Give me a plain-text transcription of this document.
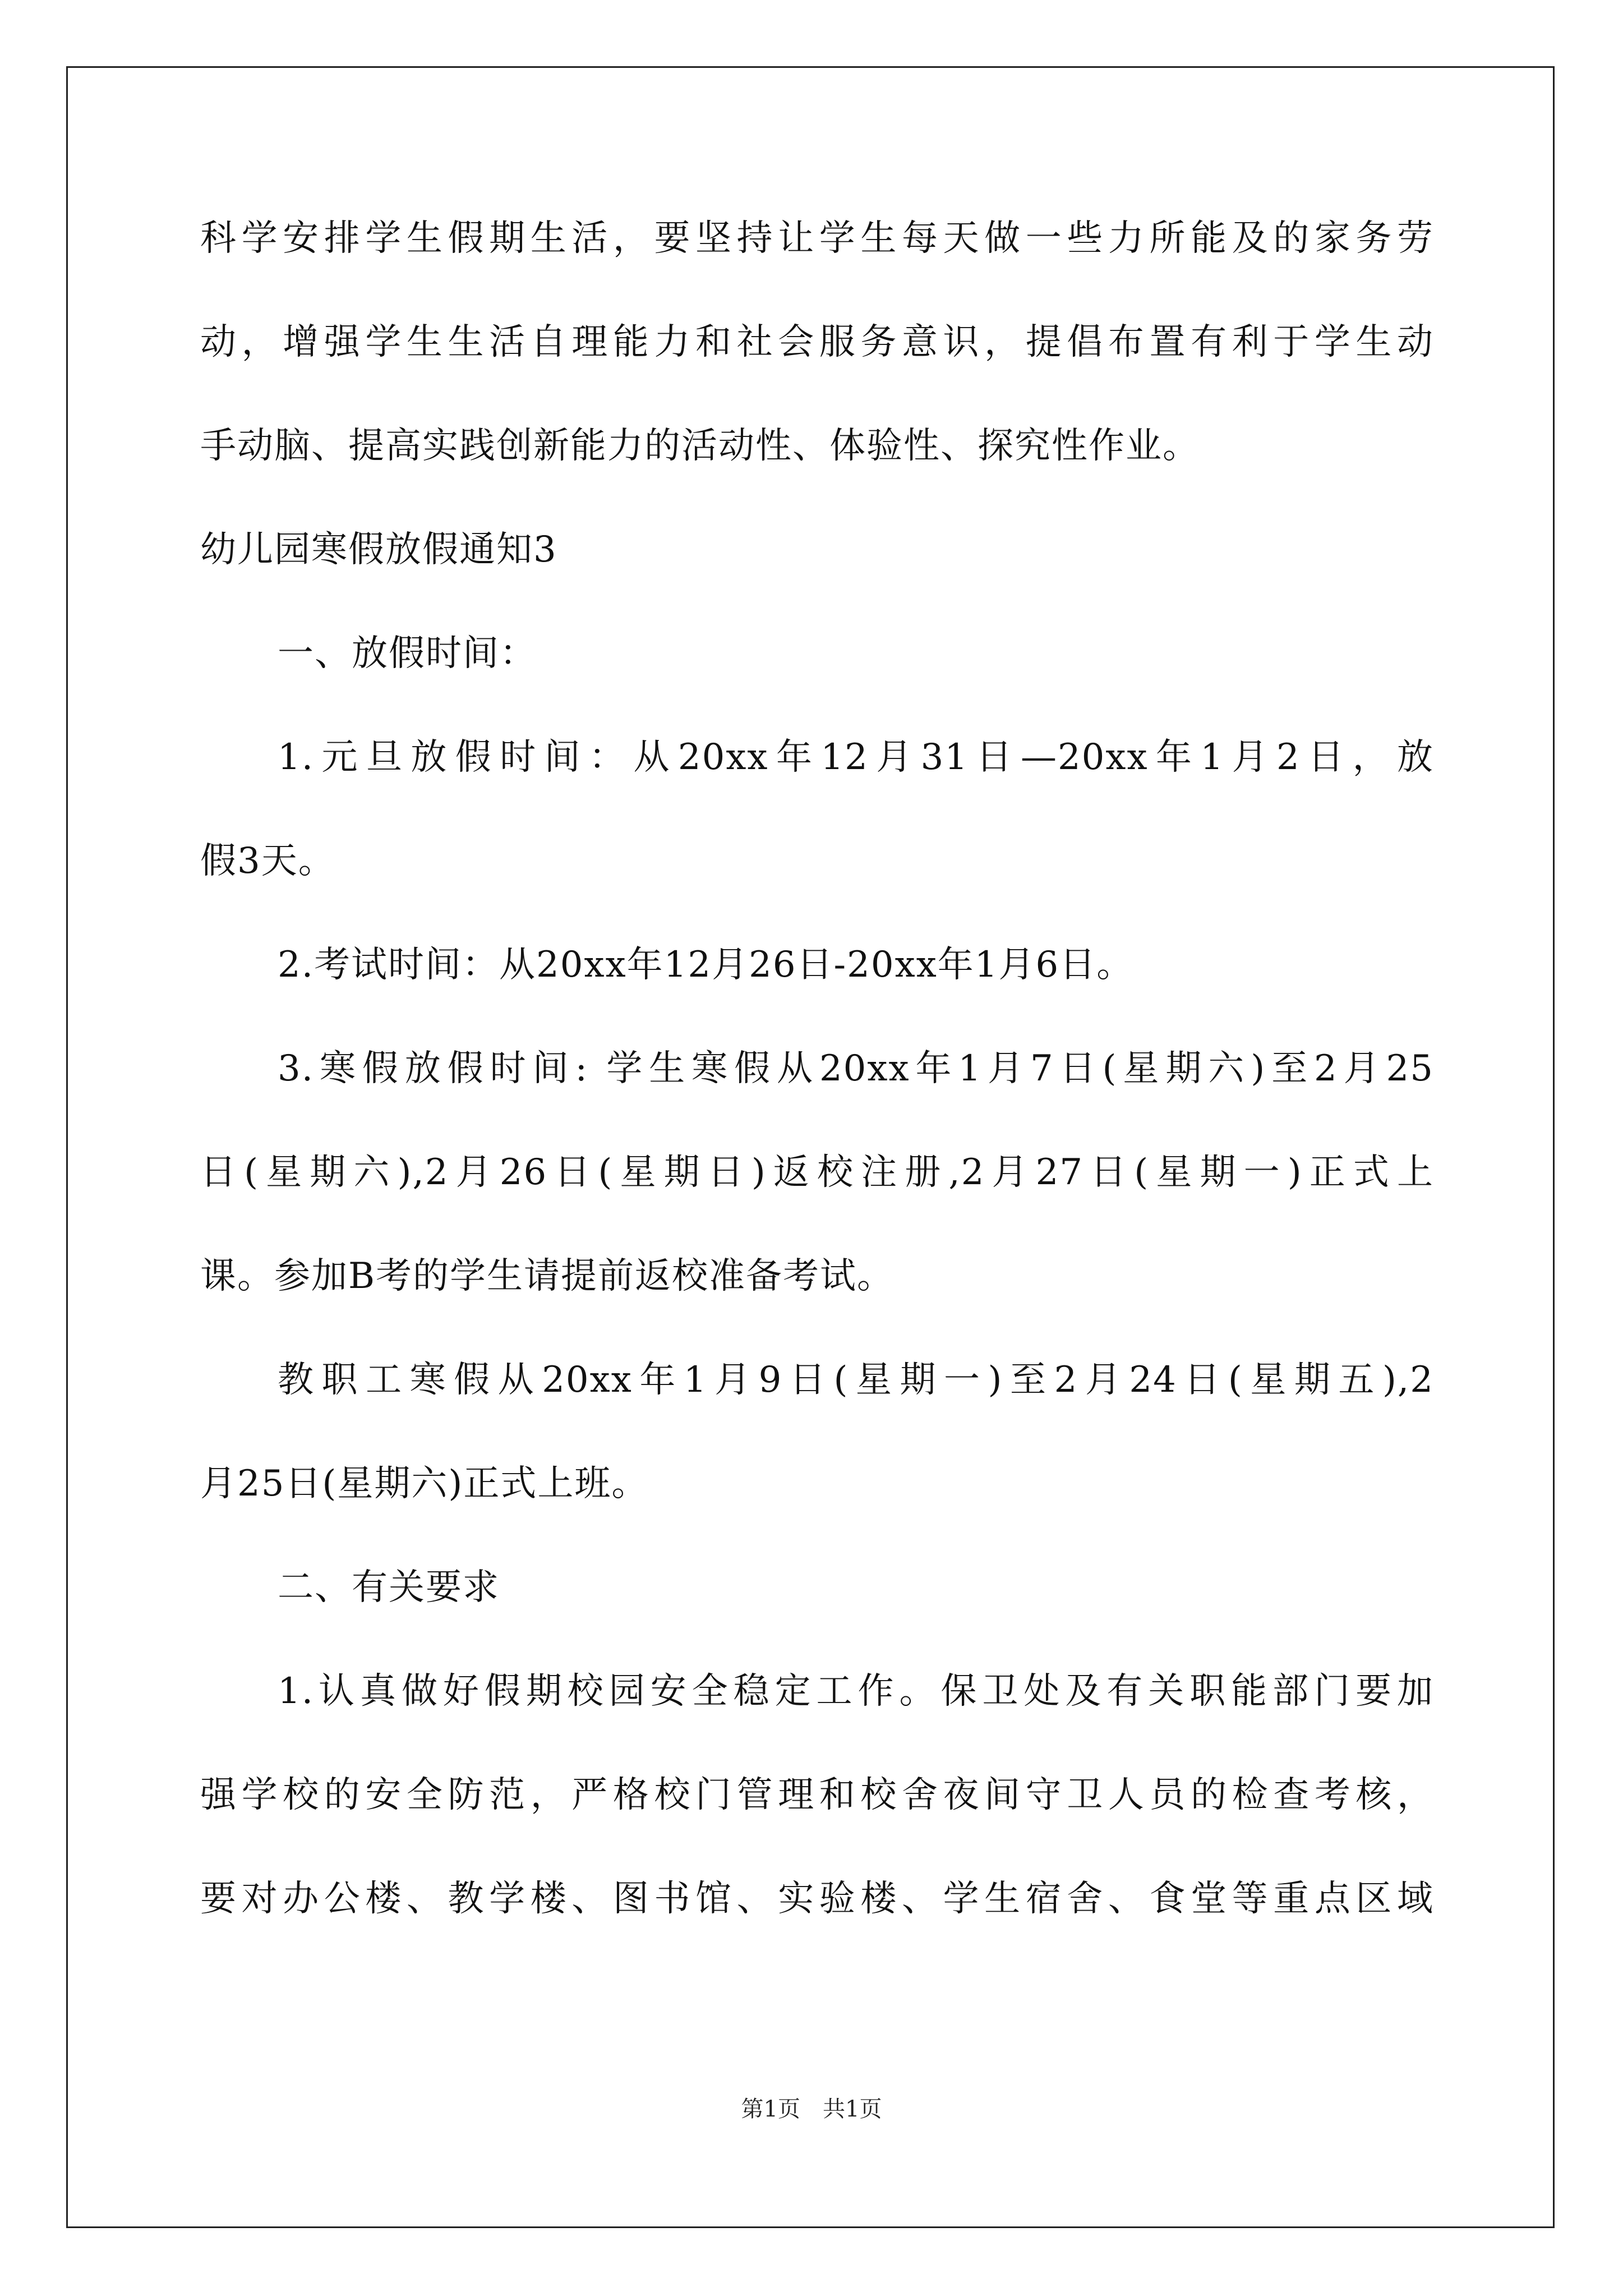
科学安排学生假期生活，要坚持让学生每天做一些力所能及的家务劳
动，增强学生生活自理能力和社会服务意识，提倡布置有利于学生动
手动脑、提高实践创新能力的活动性、体验性、探究性作业。
幼儿园寒假放假通知3
一、放假时间：
1.元旦放假时间：从20xx年12月31日—20xx年1月2日，放
假3天。
2.考试时间：从20xx年12月26日-20xx年1月6日。
3.寒假放假时间: 学生寒假从20xx年1月7日(星期六)至2月25
日(星期六),2月26日(星期日)返校注册,2月27日(星期一)正式上
课。参加B考的学生请提前返校准备考试。
教职工寒假从20xx年1月9日(星期一)至2月24日(星期五),2
月25日(星期六)正式上班。
二、有关要求
1.认真做好假期校园安全稳定工作。保卫处及有关职能部门要加
强学校的安全防范，严格校门管理和校舍夜间守卫人员的检查考核，
要对办公楼、教学楼、图书馆、实验楼、学生宿舍、食堂等重点区域
第1页　共1页
